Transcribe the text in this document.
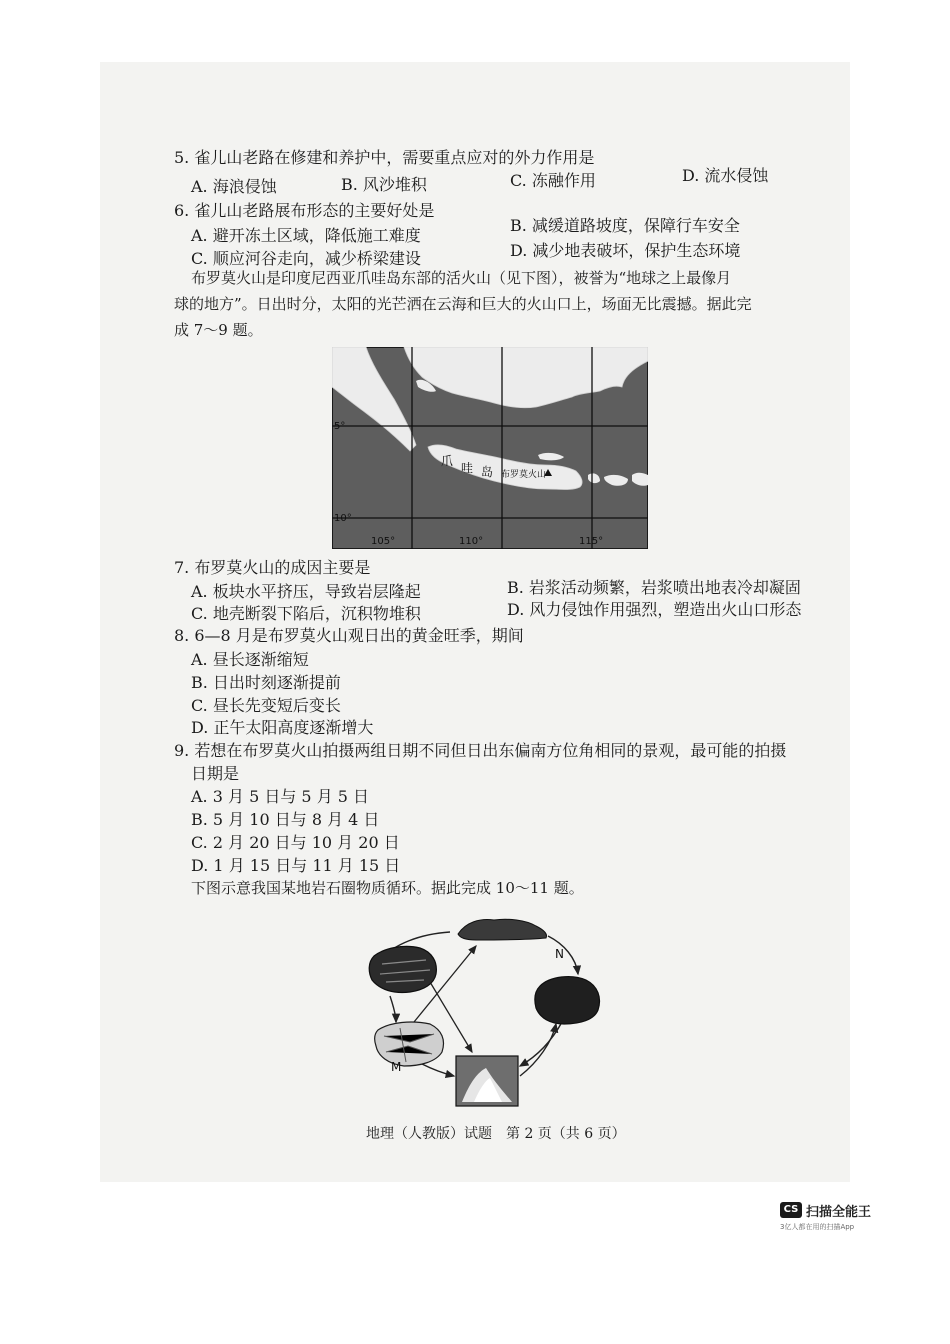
5. 雀儿山老路在修建和养护中，需要重点应对的外力作用是
A. 海浪侵蚀	B. 风沙堆积	C. 冻融作用	D. 流水侵蚀
6. 雀儿山老路展布形态的主要好处是
A. 避开冻土区域，降低施工难度
B. 减缓道路坡度，保障行车安全
C. 顺应河谷走向，减少桥梁建设	D. 减少地表破坏，保护生态环境
布罗莫火山是印度尼西亚爪哇岛东部的活火山（见下图），被誉为“地球之上最像月
球的地方”。日出时分，太阳的光芒洒在云海和巨大的火山口上，场面无比震撼。据此完
成 7～9 题。
5°
10°
105°	110°	115°
爪 哇 岛 布罗莫火山
7. 布罗莫火山的成因主要是
A. 板块水平挤压，导致岩层隆起	B. 岩浆活动频繁，岩浆喷出地表冷却凝固
C. 地壳断裂下陷后，沉积物堆积	D. 风力侵蚀作用强烈，塑造出火山口形态
8. 6—8 月是布罗莫火山观日出的黄金旺季，期间
A. 昼长逐渐缩短
B. 日出时刻逐渐提前
C. 昼长先变短后变长
D. 正午太阳高度逐渐增大
9. 若想在布罗莫火山拍摄两组日期不同但日出东偏南方位角相同的景观，最可能的拍摄
日期是
A. 3 月 5 日与 5 月 5 日
B. 5 月 10 日与 8 月 4 日
C. 2 月 20 日与 10 月 20 日
D. 1 月 15 日与 11 月 15 日
下图示意我国某地岩石圈物质循环。据此完成 10～11 题。
N
M
地理（人教版）试题　第 2 页（共 6 页）
CS 扫描全能王
3亿人都在用的扫描App
